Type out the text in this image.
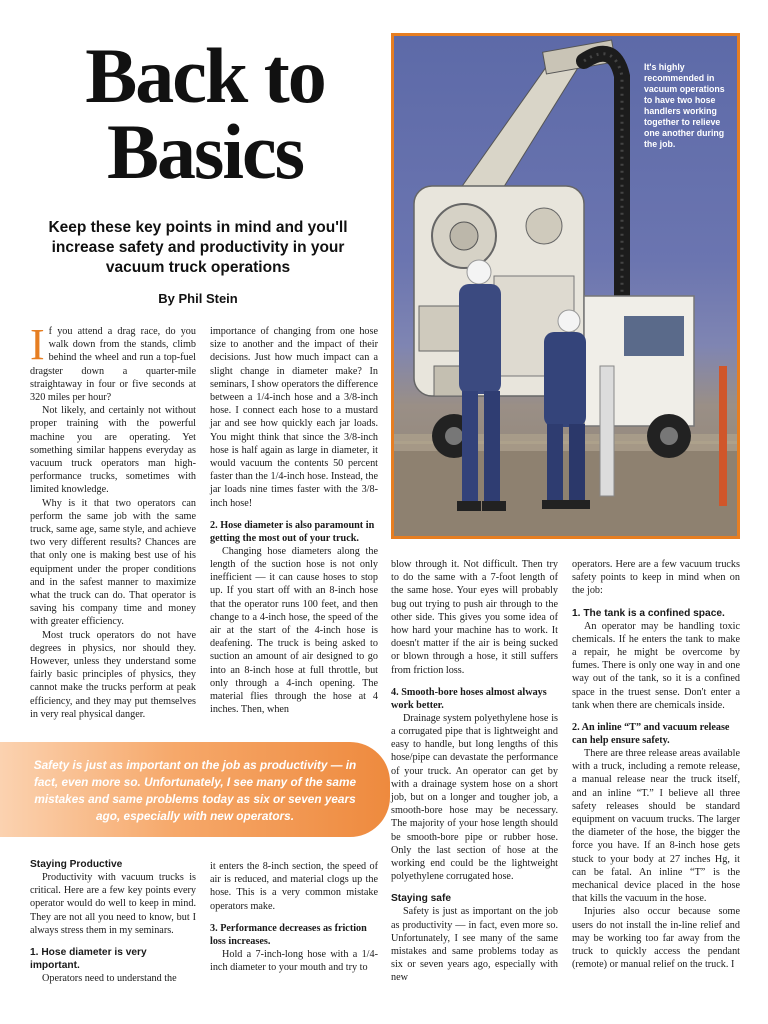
Back to
Basics
Keep these key points in mind and you'll increase safety and productivity in your vacuum truck operations
By Phil Stein
It's highly recommended in vacuum operations to have two hose handlers working together to relieve one another during the job.

If you attend a drag race, do you walk down from the stands, climb behind the wheel and run a top-fuel dragster down a quarter-mile straightaway in four or five seconds at 320 miles per hour?

Not likely, and certainly not without proper training with the powerful machine you are operating. Yet something similar happens everyday as vacuum truck operators man high-performance trucks, sometimes with limited knowledge.

Why is it that two operators can perform the same job with the same truck, same age, same style, and achieve two very different results? Chances are that only one is making best use of his equipment under the proper conditions and in the safest manner to maximize what the truck can do. That operator is saving his company time and money with greater efficiency.

Most truck operators do not have degrees in physics, nor should they. However, unless they understand some fairly basic principles of physics, they cannot make the trucks perform at peak efficiency, and they may put themselves in very real physical danger.

importance of changing from one hose size to another and the impact of their decisions. Just how much impact can a slight change in diameter make? In seminars, I show operators the difference between a 1/4-inch hose and a 3/8-inch hose. I connect each hose to a mustard jar and see how quickly each jar loads. You might think that since the 3/8-inch hose is half again as large in diameter, it would vacuum the contents 50 percent faster than the 1/4-inch hose. Instead, the jar loads nine times faster with the 3/8-inch hose!

2. Hose diameter is also paramount in getting the most out of your truck.

Changing hose diameters along the length of the suction hose is not only inefficient — it can cause hoses to stop up. If you start off with an 8-inch hose that the operator runs 100 feet, and then change to a 4-inch hose, the speed of the air at the start of the 4-inch hose is deafening. The truck is being asked to suction an amount of air designed to go into an 8-inch hose at full throttle, but only through a 4-inch opening. The material flies through the hose at 4 inches. Then, when

Safety is just as important on the job as productivity — in fact, even more so. Unfortunately, I see many of the same mistakes and same problems today as six or seven years ago, especially with new operators.

blow through it. Not difficult. Then try to do the same with a 7-foot length of the same hose. Your eyes will probably bug out trying to push air through to the other side. This gives you some idea of how hard your machine has to work. It doesn't matter if the air is being sucked or blown through a hose, it still suffers from friction loss.

4. Smooth-bore hoses almost always work better.

Drainage system polyethylene hose is a corrugated pipe that is lightweight and easy to handle, but long lengths of this hose/pipe can devastate the performance of your truck. An operator can get by with a drainage system hose on a short job, but on a longer and tougher job, a smooth-bore hose may be necessary. The majority of your hose length should be smooth-bore pipe or rubber hose. Only the last section of hose at the working end could be the lightweight polyethylene corrugated hose.

Staying safe

Safety is just as important on the job as productivity — in fact, even more so. Unfortunately, I see many of the same mistakes and same problems today as six or seven years ago, especially with new

operators. Here are a few vacuum trucks safety points to keep in mind when on the job:

1. The tank is a confined space.

An operator may be handling toxic chemicals. If he enters the tank to make a repair, he might be overcome by fumes. There is only one way in and one way out of the tank, so it is a confined space in the truest sense. Don't enter a tank when there are chemicals inside.

2. An inline “T” and vacuum release can help ensure safety.

There are three release areas available with a truck, including a remote release, a manual release near the truck itself, and an inline “T.” I believe all three safety releases should be standard equipment on vacuum trucks. The larger the diameter of the hose, the bigger the force you have. If an 8-inch hose gets stuck to your body at 27 inches Hg, it can be fatal. An inline “T” is the mechanical device placed in the hose that kills the vacuum in the hose.

Injuries also occur because some users do not install the in-line relief and may be working too far away from the truck to quickly access the pendant (remote) or manual relief on the truck. I

Staying Productive

Productivity with vacuum trucks is critical. Here are a few key points every operator would do well to keep in mind. They are not all you need to know, but I always stress them in my seminars.

1. Hose diameter is very important.

Operators need to understand the

it enters the 8-inch section, the speed of air is reduced, and material clogs up the hose. This is a very common mistake operators make.

3. Performance decreases as friction loss increases.

Hold a 7-inch-long hose with a 1/4-inch diameter to your mouth and try to
